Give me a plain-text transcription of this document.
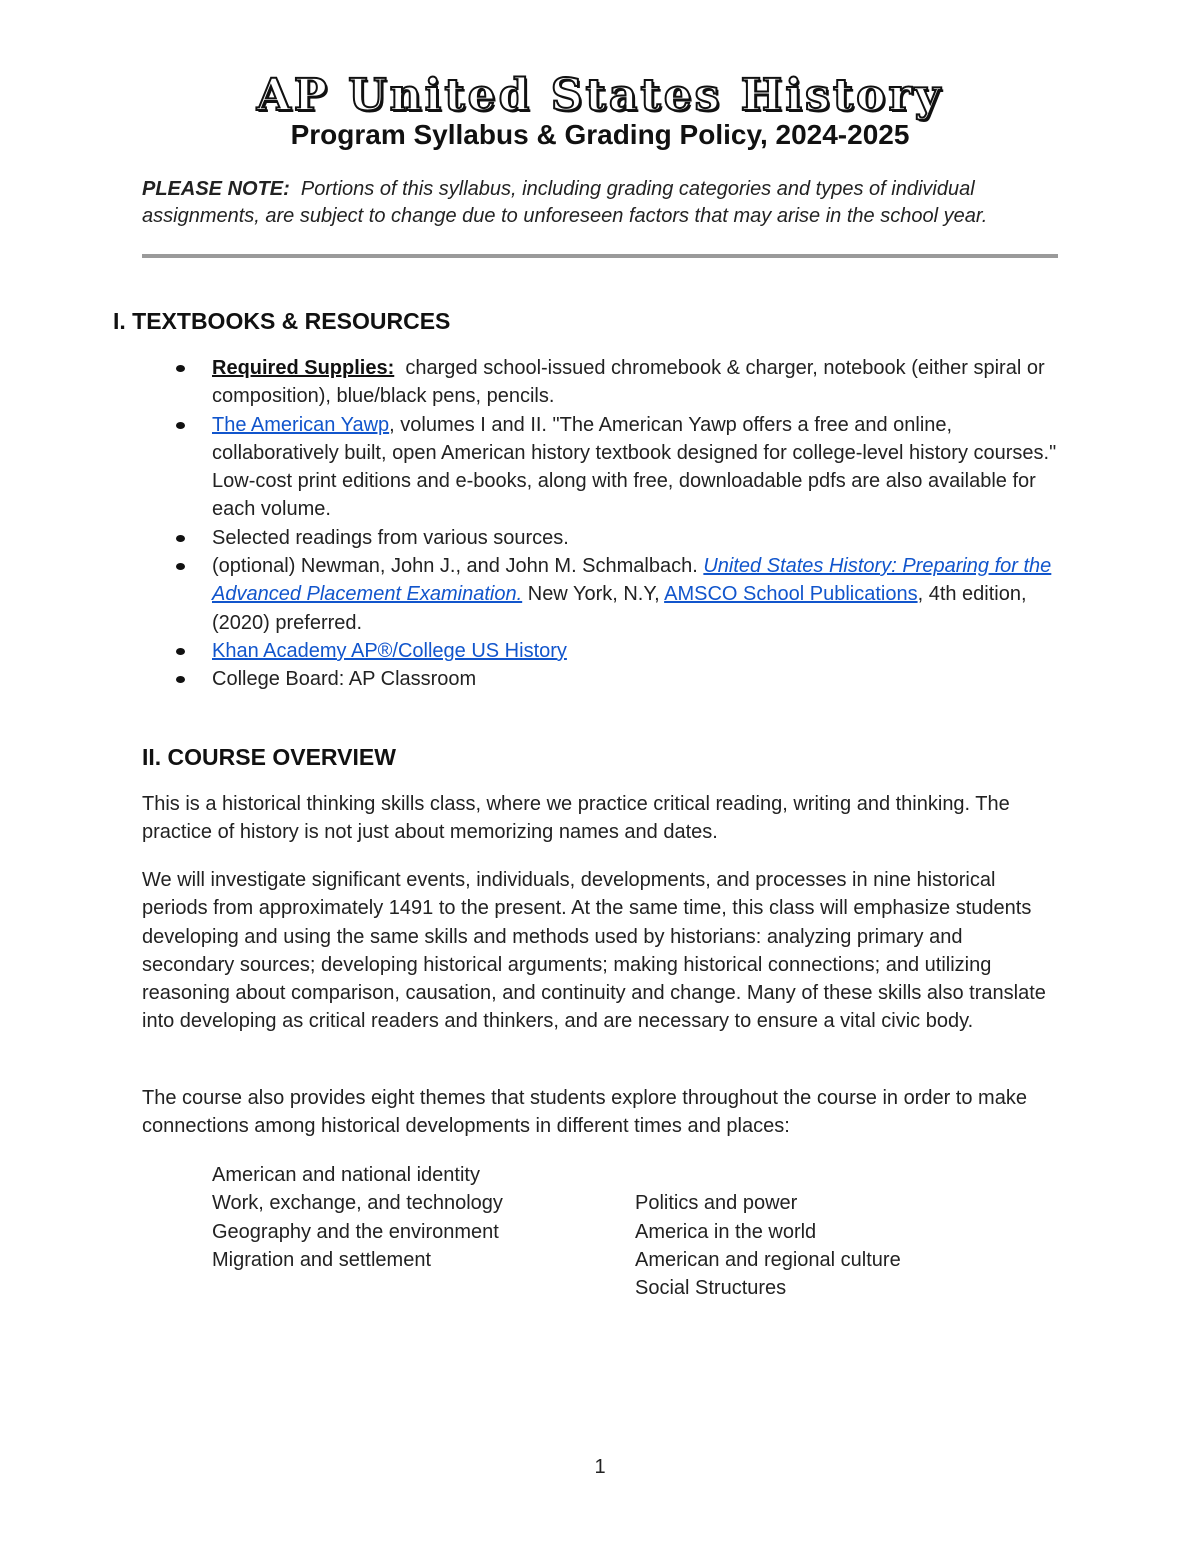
AP United States History
Program Syllabus & Grading Policy, 2024-2025

PLEASE NOTE: Portions of this syllabus, including grading categories and types of individual assignments, are subject to change due to unforeseen factors that may arise in the school year.

I. TEXTBOOKS & RESOURCES
Required Supplies: charged school-issued chromebook & charger, notebook (either spiral or composition), blue/black pens, pencils.
The American Yawp, volumes I and II. "The American Yawp offers a free and online, collaboratively built, open American history textbook designed for college-level history courses." Low-cost print editions and e-books, along with free, downloadable pdfs are also available for each volume.
Selected readings from various sources.
(optional) Newman, John J., and John M. Schmalbach. United States History: Preparing for the Advanced Placement Examination. New York, N.Y, AMSCO School Publications, 4th edition, (2020) preferred.
Khan Academy AP®/College US History
College Board: AP Classroom
II. COURSE OVERVIEW

This is a historical thinking skills class, where we practice critical reading, writing and thinking. The practice of history is not just about memorizing names and dates.

We will investigate significant events, individuals, developments, and processes in nine historical periods from approximately 1491 to the present. At the same time, this class will emphasize students developing and using the same skills and methods used by historians: analyzing primary and secondary sources; developing historical arguments; making historical connections; and utilizing reasoning about comparison, causation, and continuity and change. Many of these skills also translate into developing as critical readers and thinkers, and are necessary to ensure a vital civic body.

The course also provides eight themes that students explore throughout the course in order to make connections among historical developments in different times and places:

American and national identity
Work, exchange, and technology
Geography and the environment
Migration and settlement
Politics and power
America in the world
American and regional culture
Social Structures
1
